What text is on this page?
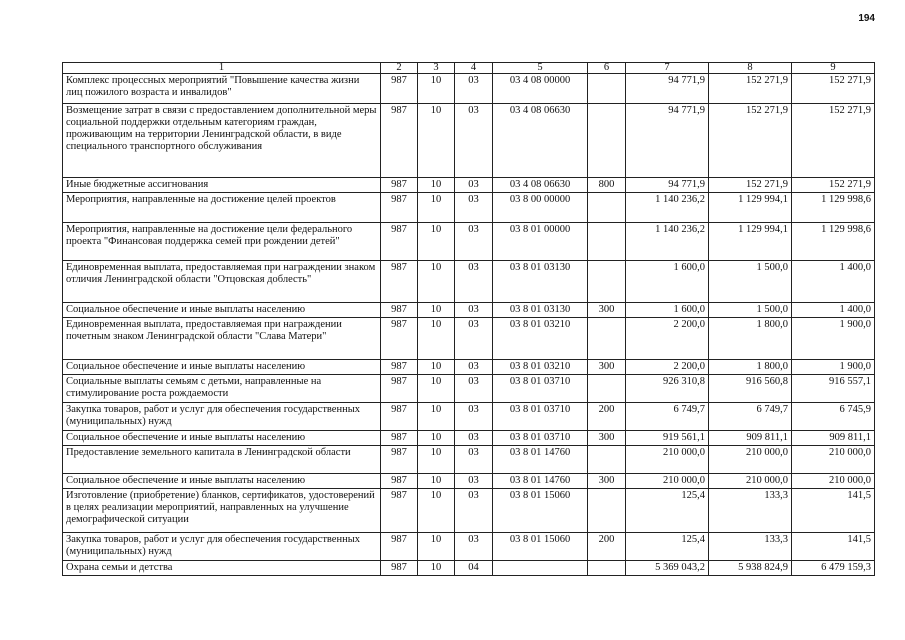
194
1	2	3	4	5	6	7	8	9
Комплекс процессных мероприятий "Повышение качества жизни лиц пожилого возраста и инвалидов"	987	10	03	03 4 08 00000		94 771,9	152 271,9	152 271,9
Возмещение затрат в связи с предоставлением дополнительной меры социальной поддержки отдельным категориям граждан, проживающим на территории Ленинградской области, в виде специального транспортного обслуживания	987	10	03	03 4 08 06630		94 771,9	152 271,9	152 271,9
Иные бюджетные ассигнования	987	10	03	03 4 08 06630	800	94 771,9	152 271,9	152 271,9
Мероприятия, направленные на достижение целей проектов	987	10	03	03 8 00 00000		1 140 236,2	1 129 994,1	1 129 998,6
Мероприятия, направленные на достижение цели федерального проекта "Финансовая поддержка семей при рождении детей"	987	10	03	03 8 01 00000		1 140 236,2	1 129 994,1	1 129 998,6
Единовременная выплата, предоставляемая при награждении знаком отличия Ленинградской области "Отцовская доблесть"	987	10	03	03 8 01 03130		1 600,0	1 500,0	1 400,0
Социальное обеспечение и иные выплаты населению	987	10	03	03 8 01 03130	300	1 600,0	1 500,0	1 400,0
Единовременная выплата, предоставляемая при награждении почетным знаком Ленинградской области "Слава Матери"	987	10	03	03 8 01 03210		2 200,0	1 800,0	1 900,0
Социальное обеспечение и иные выплаты населению	987	10	03	03 8 01 03210	300	2 200,0	1 800,0	1 900,0
Социальные выплаты семьям с детьми, направленные на стимулирование роста рождаемости	987	10	03	03 8 01 03710		926 310,8	916 560,8	916 557,1
Закупка товаров, работ и услуг для обеспечения государственных (муниципальных) нужд	987	10	03	03 8 01 03710	200	6 749,7	6 749,7	6 745,9
Социальное обеспечение и иные выплаты населению	987	10	03	03 8 01 03710	300	919 561,1	909 811,1	909 811,1
Предоставление земельного капитала в Ленинградской области	987	10	03	03 8 01 14760		210 000,0	210 000,0	210 000,0
Социальное обеспечение и иные выплаты населению	987	10	03	03 8 01 14760	300	210 000,0	210 000,0	210 000,0
Изготовление (приобретение) бланков, сертификатов, удостоверений в целях реализации мероприятий, направленных на улучшение демографической ситуации	987	10	03	03 8 01 15060		125,4	133,3	141,5
Закупка товаров, работ и услуг для обеспечения государственных (муниципальных) нужд	987	10	03	03 8 01 15060	200	125,4	133,3	141,5
Охрана семьи и детства	987	10	04			5 369 043,2	5 938 824,9	6 479 159,3
